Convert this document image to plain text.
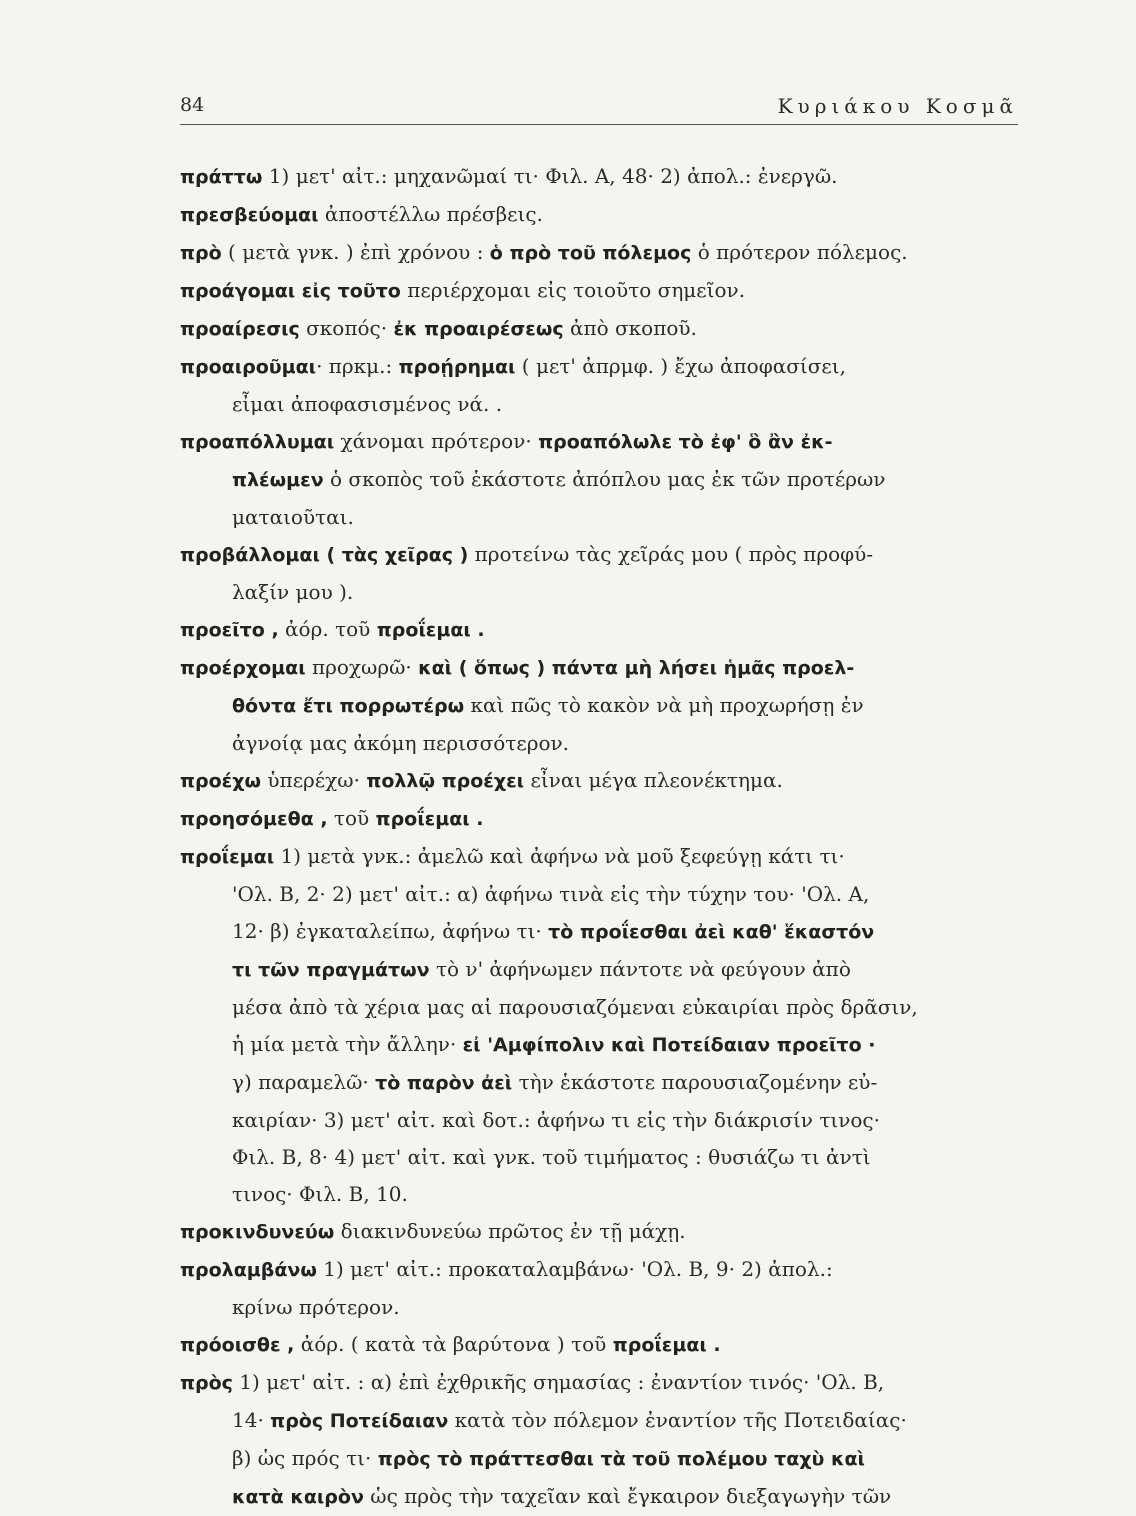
84	Κυριάκου Κοσμᾶ
πράττω 1) μετ' αἰτ.: μηχανῶμαί τι· Φιλ. Α, 48· 2) ἀπολ.: ἐνεργῶ.
πρεσβεύομαι ἀποστέλλω πρέσβεις.
πρὸ ( μετὰ γνκ. ) ἐπὶ χρόνου : ὁ πρὸ τοῦ πόλεμος ὁ πρότερον πόλεμος.
προάγομαι εἰς τοῦτο περιέρχομαι εἰς τοιοῦτο σημεῖον.
προαίρεσις σκοπός· ἐκ προαιρέσεως ἀπὸ σκοποῦ.
προαιροῦμαι· πρκμ.: προῄρημαι ( μετ' ἀπρμφ. ) ἔχω ἀποφασίσει,
εἶμαι ἀποφασισμένος νά. .
προαπόλλυμαι χάνομαι πρότερον· προαπόλωλε τὸ ἐφ' ὃ ἂν ἐκ-
πλέωμεν ὁ σκοπὸς τοῦ ἑκάστοτε ἀπόπλου μας ἐκ τῶν προτέρων
ματαιοῦται.
προβάλλομαι ( τὰς χεῖρας ) προτείνω τὰς χεῖράς μου ( πρὸς προφύ-
λαξίν μου ).
προεῖτο , ἀόρ. τοῦ προΐεμαι .
προέρχομαι προχωρῶ· καὶ ( ὅπως ) πάντα μὴ λήσει ἡμᾶς προελ-
θόντα ἔτι πορρωτέρω καὶ πῶς τὸ κακὸν νὰ μὴ προχωρήσῃ ἐν
ἀγνοίᾳ μας ἀκόμη περισσότερον.
προέχω ὑπερέχω· πολλῷ προέχει εἶναι μέγα πλεονέκτημα.
προησόμεθα , τοῦ προΐεμαι .
προΐεμαι 1) μετὰ γνκ.: ἀμελῶ καὶ ἀφήνω νὰ μοῦ ξεφεύγῃ κάτι τι·
'Ολ. Β, 2· 2) μετ' αἰτ.: α) ἀφήνω τινὰ εἰς τὴν τύχην του· 'Ολ. Α,
12· β) ἐγκαταλείπω, ἀφήνω τι· τὸ προΐεσθαι ἀεὶ καθ' ἕκαστόν
τι τῶν πραγμάτων τὸ ν' ἀφήνωμεν πάντοτε νὰ φεύγουν ἀπὸ
μέσα ἀπὸ τὰ χέρια μας αἱ παρουσιαζόμεναι εὐκαιρίαι πρὸς δρᾶσιν,
ἡ μία μετὰ τὴν ἄλλην· εἰ 'Αμφίπολιν καὶ Ποτείδαιαν προεῖτο ·
γ) παραμελῶ· τὸ παρὸν ἀεὶ τὴν ἑκάστοτε παρουσιαζομένην εὐ-
καιρίαν· 3) μετ' αἰτ. καὶ δοτ.: ἀφήνω τι εἰς τὴν διάκρισίν τινος·
Φιλ. Β, 8· 4) μετ' αἰτ. καὶ γνκ. τοῦ τιμήματος : θυσιάζω τι ἀντὶ
τινος· Φιλ. Β, 10.
προκινδυνεύω διακινδυνεύω πρῶτος ἐν τῇ μάχῃ.
προλαμβάνω 1) μετ' αἰτ.: προκαταλαμβάνω· 'Ολ. Β, 9· 2) ἀπολ.:
κρίνω πρότερον.
πρόοισθε , ἀόρ. ( κατὰ τὰ βαρύτονα ) τοῦ προΐεμαι .
πρὸς 1) μετ' αἰτ. : α) ἐπὶ ἐχθρικῆς σημασίας : ἐναντίον τινός· 'Ολ. Β,
14· πρὸς Ποτείδαιαν κατὰ τὸν πόλεμον ἐναντίον τῆς Ποτειδαίας·
β) ὡς πρός τι· πρὸς τὸ πράττεσθαι τὰ τοῦ πολέμου ταχὺ καὶ
κατὰ καιρὸν ὡς πρὸς τὴν ταχεῖαν καὶ ἔγκαιρον διεξαγωγὴν τῶν
